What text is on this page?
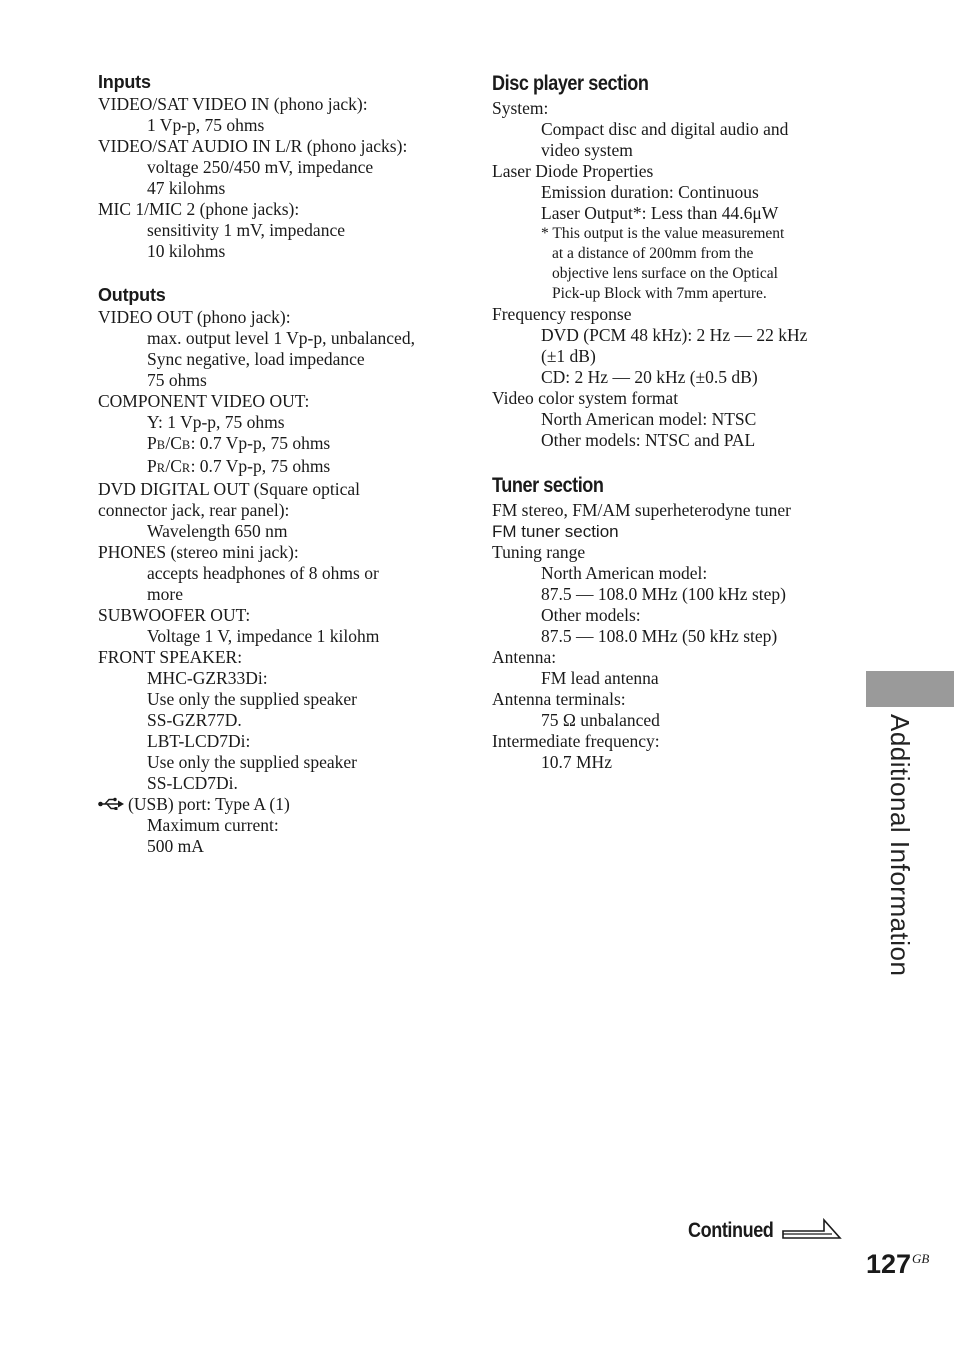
Inputs
VIDEO/SAT VIDEO IN (phono jack):
1 Vp-p, 75 ohms
VIDEO/SAT AUDIO IN L/R (phono jacks):
voltage 250/450 mV, impedance
47 kilohms
MIC 1/MIC 2 (phone jacks):
sensitivity 1 mV, impedance
10 kilohms
Outputs
VIDEO OUT (phono jack):
max. output level 1 Vp-p, unbalanced,
Sync negative, load impedance
75 ohms
COMPONENT VIDEO OUT:
Y: 1 Vp-p, 75 ohms
PB/CB: 0.7 Vp-p, 75 ohms
PR/CR: 0.7 Vp-p, 75 ohms
DVD DIGITAL OUT (Square optical
connector jack, rear panel):
Wavelength 650 nm
PHONES (stereo mini jack):
accepts headphones of 8 ohms or
more
SUBWOOFER OUT:
Voltage 1 V, impedance 1 kilohm
FRONT SPEAKER:
MHC-GZR33Di:
Use only the supplied speaker
SS-GZR77D.
LBT-LCD7Di:
Use only the supplied speaker
SS-LCD7Di.
(USB) port: Type A (1)
Maximum current:
500 mA
Disc player section
System:
Compact disc and digital audio and
video system
Laser Diode Properties
Emission duration: Continuous
Laser Output*: Less than 44.6μW
* This output is the value measurement
at a distance of 200mm from the
objective lens surface on the Optical
Pick-up Block with 7mm aperture.
Frequency response
DVD (PCM 48 kHz): 2 Hz — 22 kHz
(±1 dB)
CD: 2 Hz — 20 kHz (±0.5 dB)
Video color system format
North American model: NTSC
Other models: NTSC and PAL
Tuner section
FM stereo, FM/AM superheterodyne tuner
FM tuner section
Tuning range
North American model:
87.5 — 108.0 MHz (100 kHz step)
Other models:
87.5 — 108.0 MHz (50 kHz step)
Antenna:
FM lead antenna
Antenna terminals:
75 Ω unbalanced
Intermediate frequency:
10.7 MHz	Additional Information
Continued
127 GB
